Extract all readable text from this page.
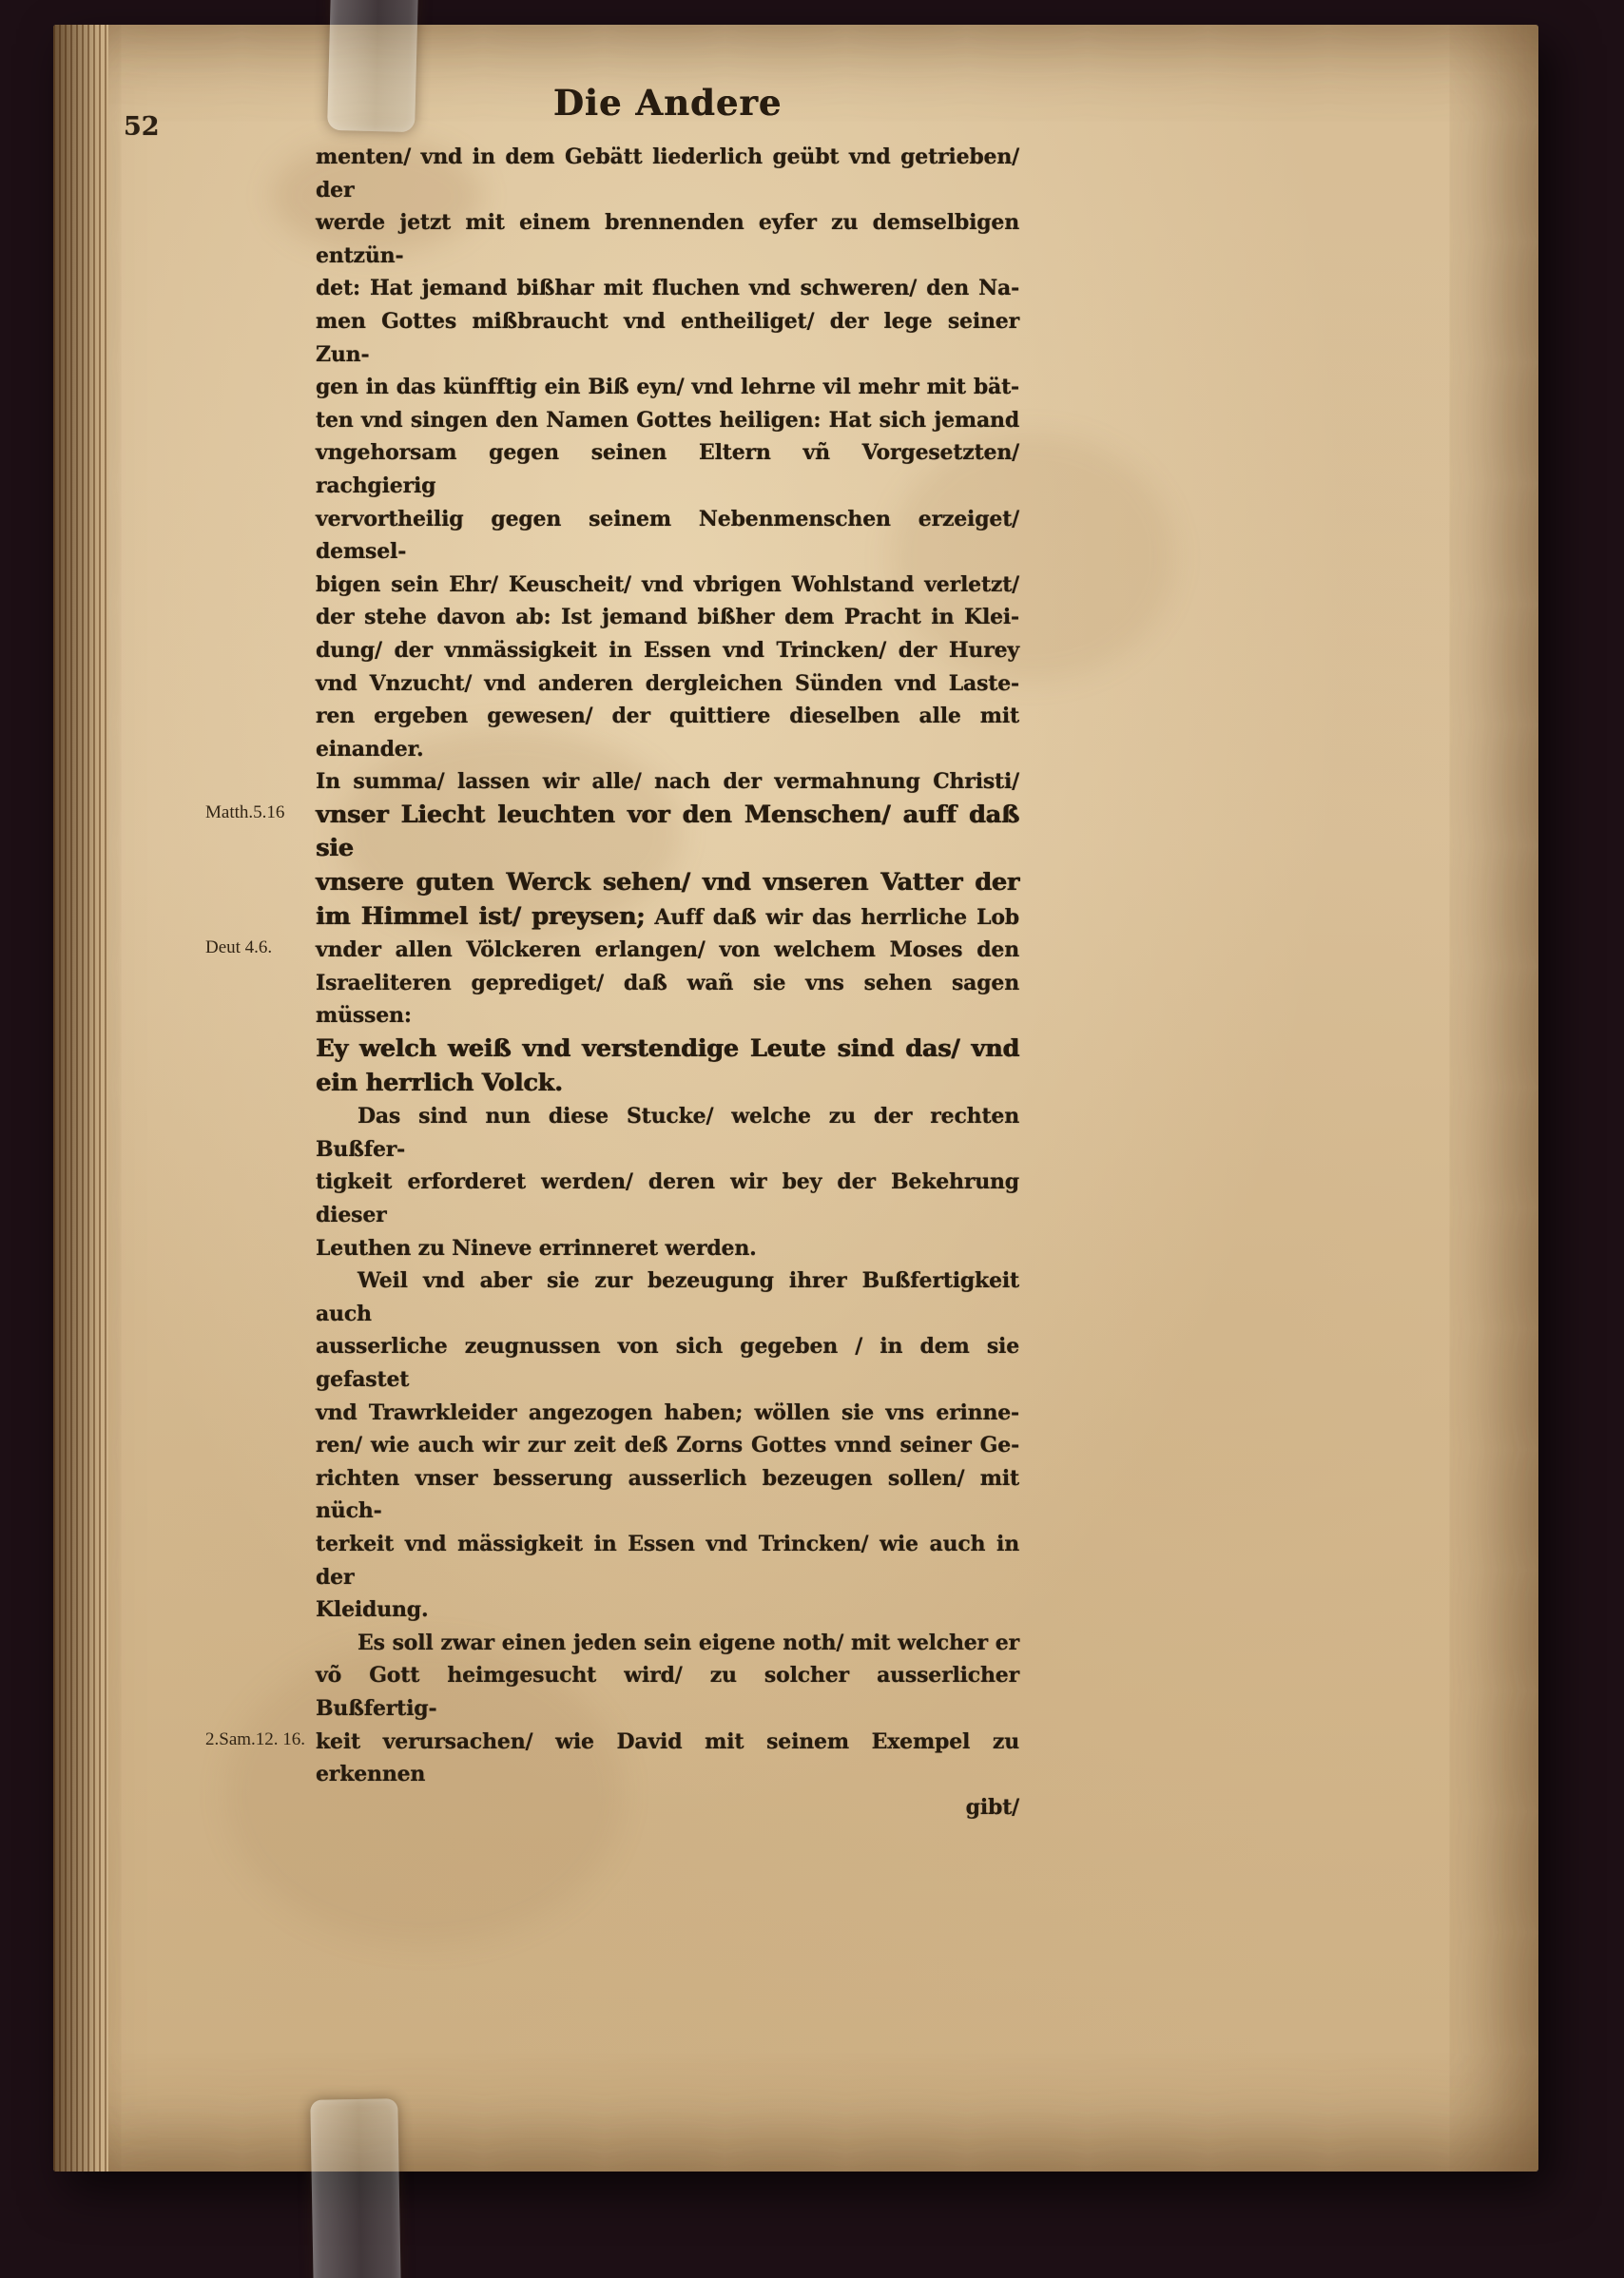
52
Die Andere
menten/ vnd in dem Gebätt liederlich geübt vnd getrieben/ der
werde jetzt mit einem brennenden eyfer zu demselbigen entzün-
det: Hat jemand bißhar mit fluchen vnd schweren/ den Na-
men Gottes mißbraucht vnd entheiliget/ der lege seiner Zun-
gen in das künfftig ein Biß eyn/ vnd lehrne vil mehr mit bät-
ten vnd singen den Namen Gottes heiligen: Hat sich jemand
vngehorsam gegen seinen Eltern vñ Vorgesetzten/ rachgierig
vervortheilig gegen seinem Nebenmenschen erzeiget/ demsel-
bigen sein Ehr/ Keuscheit/ vnd vbrigen Wohlstand verletzt/
der stehe davon ab: Ist jemand bißher dem Pracht in Klei-
dung/ der vnmässigkeit in Essen vnd Trincken/ der Hurey
vnd Vnzucht/ vnd anderen dergleichen Sünden vnd Laste-
ren ergeben gewesen/ der quittiere dieselben alle mit einander.
In summa/ lassen wir alle/ nach der vermahnung Christi/
vnser Liecht leuchten vor den Menschen/ auff daß sie
Matth.5.16
vnsere guten Werck sehen/ vnd vnseren Vatter der
im Himmel ist/ preysen; Auff daß wir das herrliche Lob
vnder allen Völckeren erlangen/ von welchem Moses den
Deut 4.6.
Israeliteren geprediget/ daß wañ sie vns sehen sagen müssen:
Ey welch weiß vnd verstendige Leute sind das/ vnd
ein herrlich Volck.
Das sind nun diese Stucke/ welche zu der rechten Bußfer-
tigkeit erforderet werden/ deren wir bey der Bekehrung dieser
Leuthen zu Nineve errinneret werden.
Weil vnd aber sie zur bezeugung ihrer Bußfertigkeit auch
ausserliche zeugnussen von sich gegeben / in dem sie gefastet
vnd Trawrkleider angezogen haben; wöllen sie vns erinne-
ren/ wie auch wir zur zeit deß Zorns Gottes vnnd seiner Ge-
richten vnser besserung ausserlich bezeugen sollen/ mit nüch-
terkeit vnd mässigkeit in Essen vnd Trincken/ wie auch in der
Kleidung.
Es soll zwar einen jeden sein eigene noth/ mit welcher er
võ Gott heimgesucht wird/ zu solcher ausserlicher Bußfertig-
keit verursachen/ wie David mit seinem Exempel zu erkennen
2.Sam.12. 16.
gibt/
